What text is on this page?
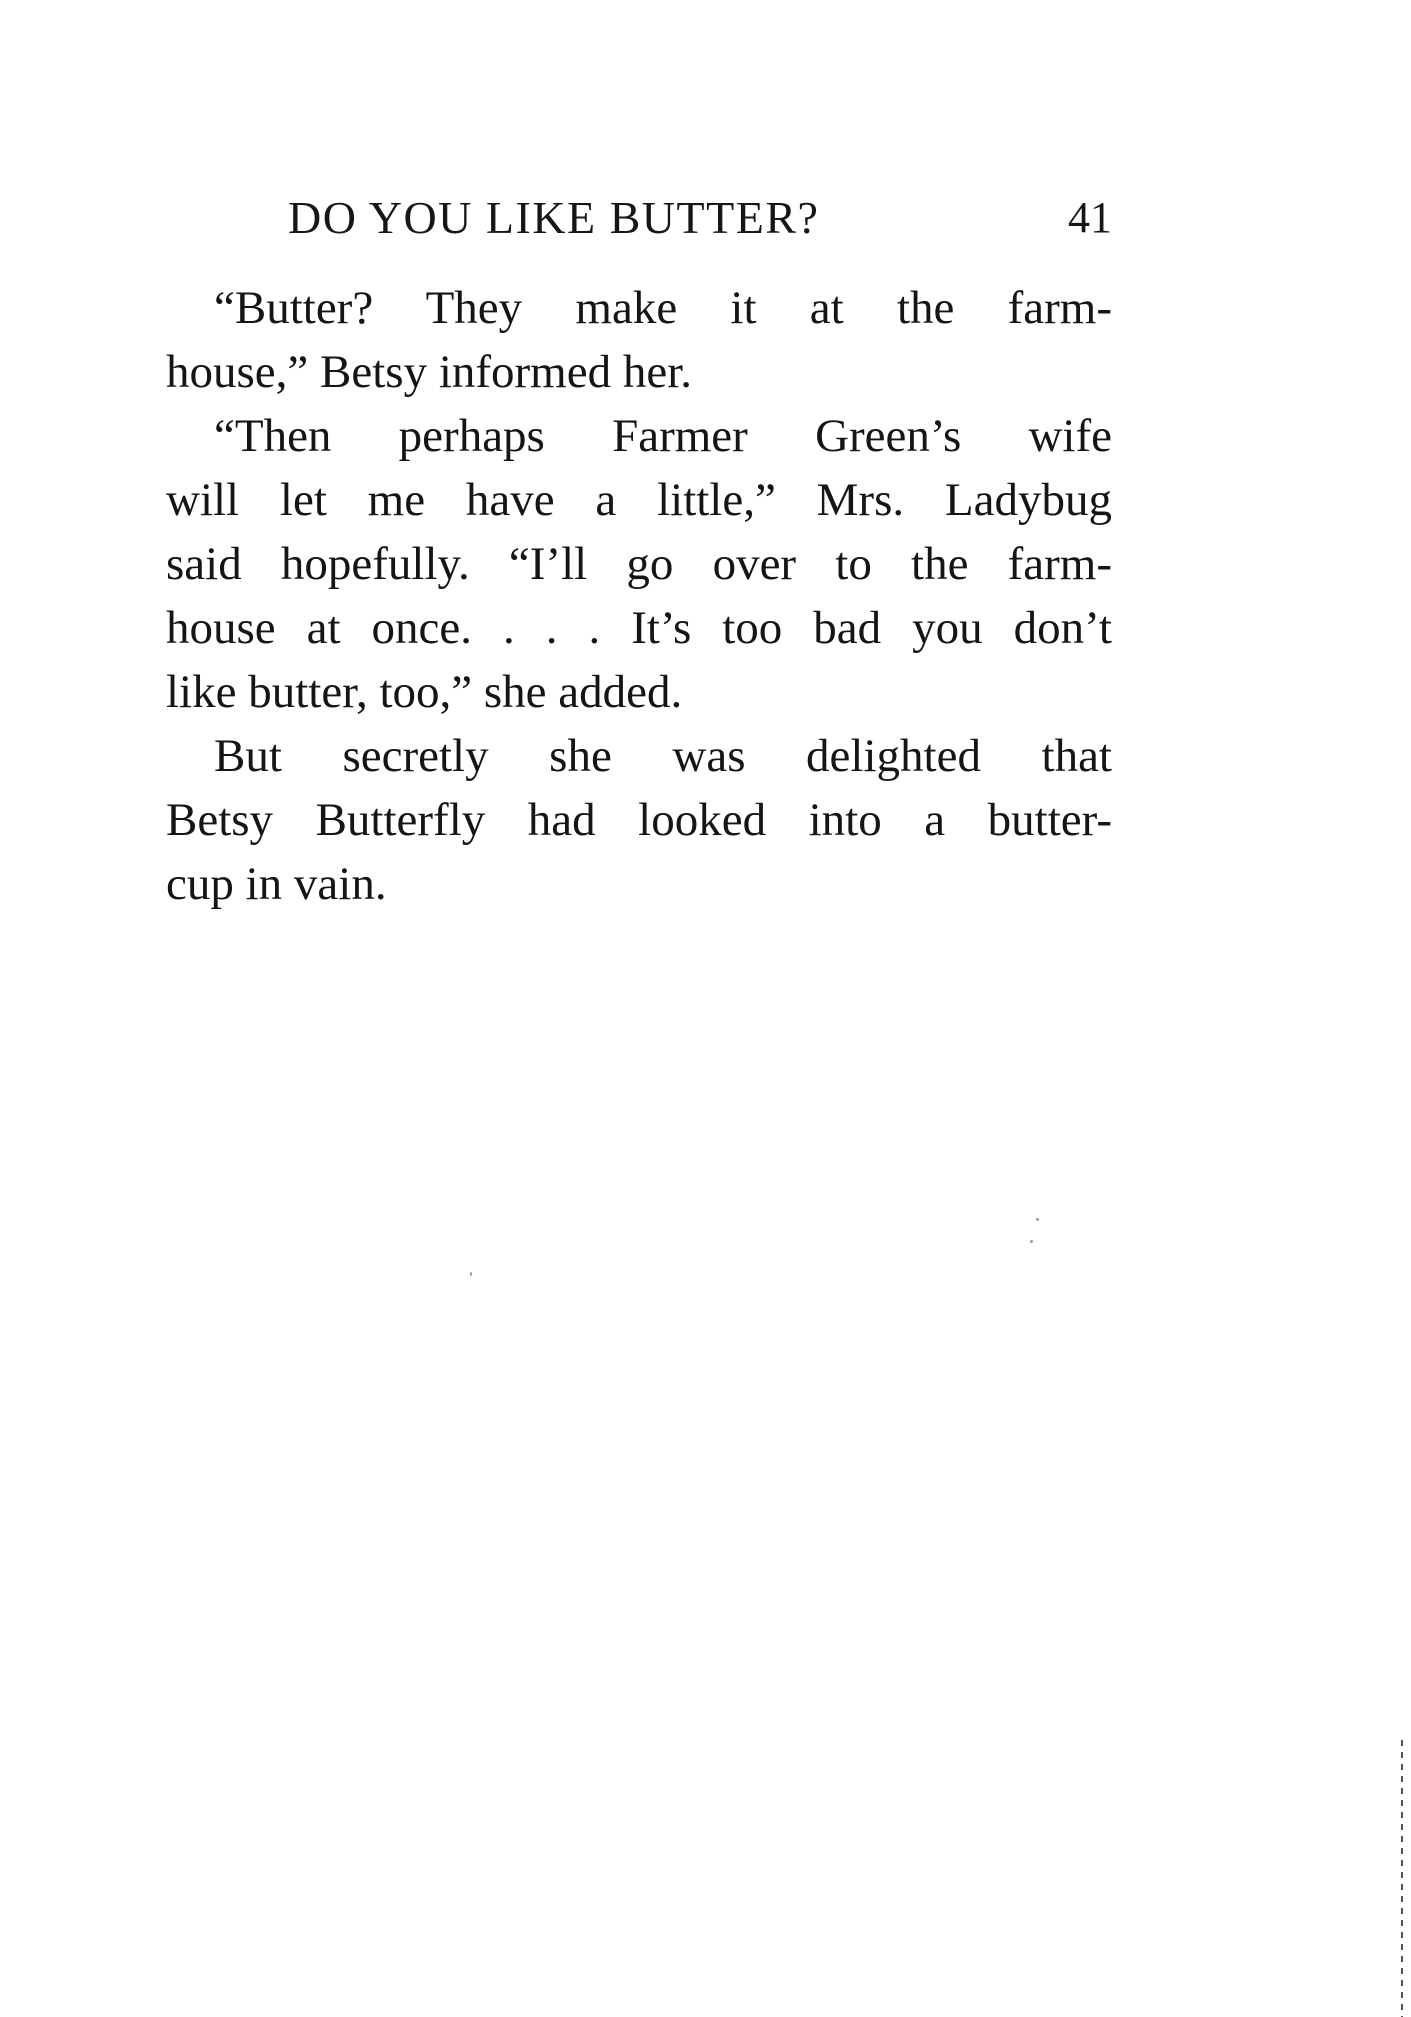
DO YOU LIKE BUTTER?	41

“Butter? They make it at the farm-
house,” Betsy informed her.

“Then perhaps Farmer Green’s wife
will let me have a little,” Mrs. Ladybug
said hopefully. “I’ll go over to the farm-
house at once. . . . It’s too bad you don’t
like butter, too,” she added.

But secretly she was delighted that
Betsy Butterfly had looked into a butter-
cup in vain.
